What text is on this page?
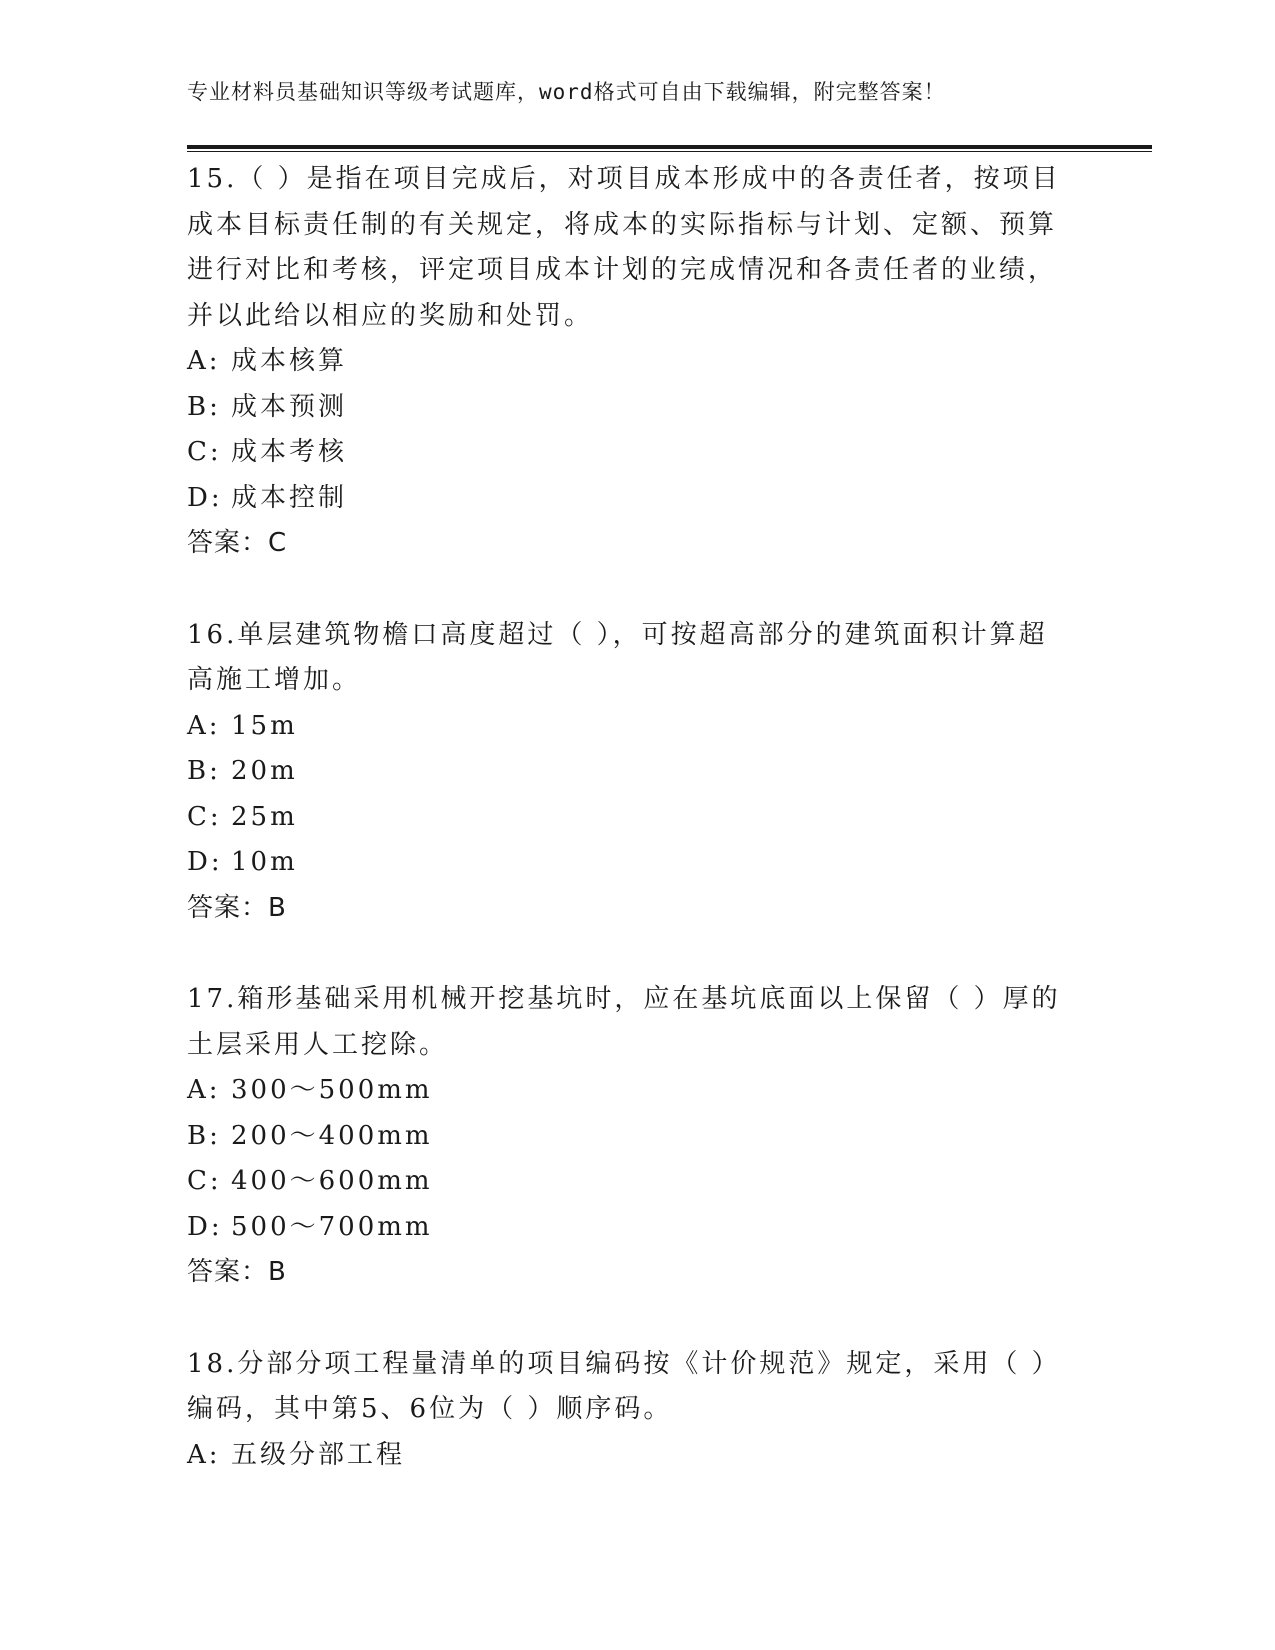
专业材料员基础知识等级考试题库，word格式可自由下载编辑，附完整答案！

15.（ ）是指在项目完成后，对项目成本形成中的各责任者，按项目成本目标责任制的有关规定，将成本的实际指标与计划、定额、预算进行对比和考核，评定项目成本计划的完成情况和各责任者的业绩，并以此给以相应的奖励和处罚。

A: 成本核算
B: 成本预测
C: 成本考核
D: 成本控制
答案：C

16.单层建筑物檐口高度超过（ ），可按超高部分的建筑面积计算超高施工增加。

A: 15m
B: 20m
C: 25m
D: 10m
答案：B

17.箱形基础采用机械开挖基坑时，应在基坑底面以上保留（ ）厚的土层采用人工挖除。

A: 300～500mm
B: 200～400mm
C: 400～600mm
D: 500～700mm
答案：B

18.分部分项工程量清单的项目编码按《计价规范》规定，采用（ ）编码，其中第5、6位为（ ）顺序码。

A: 五级分部工程
